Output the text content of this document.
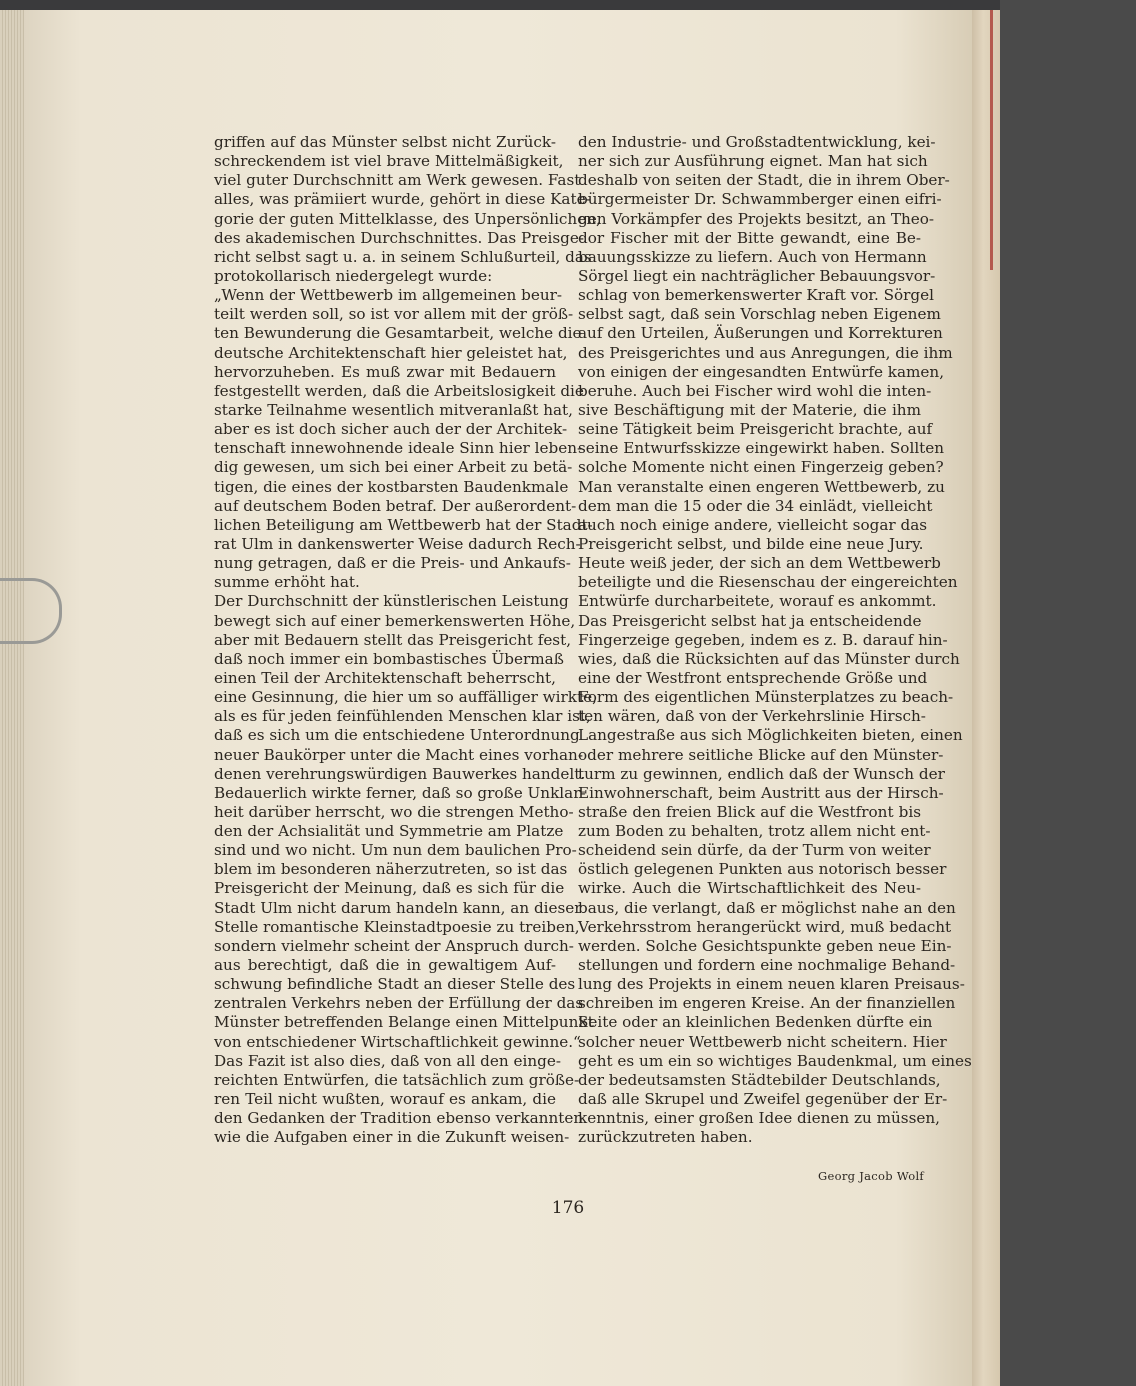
griffen auf das Münster selbst nicht Zurück-
schreckendem ist viel brave Mittelmäßigkeit,
viel guter Durchschnitt am Werk gewesen. Fast
alles, was prämiiert wurde, gehört in diese Kate-
gorie der guten Mittelklasse, des Unpersönlichen,
des akademischen Durchschnittes. Das Preisge-
richt selbst sagt u. a. in seinem Schlußurteil, das
protokollarisch niedergelegt wurde:
„Wenn der Wettbewerb im allgemeinen beur-
teilt werden soll, so ist vor allem mit der größ-
ten Bewunderung die Gesamtarbeit, welche die
deutsche Architektenschaft hier geleistet hat,
hervorzuheben. Es muß zwar mit Bedauern
festgestellt werden, daß die Arbeitslosigkeit die
starke Teilnahme wesentlich mitveranlaßt hat,
aber es ist doch sicher auch der der Architek-
tenschaft innewohnende ideale Sinn hier leben-
dig gewesen, um sich bei einer Arbeit zu betä-
tigen, die eines der kostbarsten Baudenkmale
auf deutschem Boden betraf. Der außerordent-
lichen Beteiligung am Wettbewerb hat der Stadt-
rat Ulm in dankenswerter Weise dadurch Rech-
nung getragen, daß er die Preis- und Ankaufs-
summe erhöht hat.
Der Durchschnitt der künstlerischen Leistung
bewegt sich auf einer bemerkenswerten Höhe,
aber mit Bedauern stellt das Preisgericht fest,
daß noch immer ein bombastisches Übermaß
einen Teil der Architektenschaft beherrscht,
eine Gesinnung, die hier um so auffälliger wirkte,
als es für jeden feinfühlenden Menschen klar ist,
daß es sich um die entschiedene Unterordnung
neuer Baukörper unter die Macht eines vorhan-
denen verehrungswürdigen Bauwerkes handelt.
Bedauerlich wirkte ferner, daß so große Unklar-
heit darüber herrscht, wo die strengen Metho-
den der Achsialität und Symmetrie am Platze
sind und wo nicht. Um nun dem baulichen Pro-
blem im besonderen näherzutreten, so ist das
Preisgericht der Meinung, daß es sich für die
Stadt Ulm nicht darum handeln kann, an dieser
Stelle romantische Kleinstadtpoesie zu treiben,
sondern vielmehr scheint der Anspruch durch-
aus berechtigt, daß die in gewaltigem Auf-
schwung befindliche Stadt an dieser Stelle des
zentralen Verkehrs neben der Erfüllung der das
Münster betreffenden Belange einen Mittelpunkt
von entschiedener Wirtschaftlichkeit gewinne.“
Das Fazit ist also dies, daß von all den einge-
reichten Entwürfen, die tatsächlich zum größe-
ren Teil nicht wußten, worauf es ankam, die
den Gedanken der Tradition ebenso verkannten
wie die Aufgaben einer in die Zukunft weisen-
den Industrie- und Großstadtentwicklung, kei-
ner sich zur Ausführung eignet. Man hat sich
deshalb von seiten der Stadt, die in ihrem Ober-
bürgermeister Dr. Schwammberger einen eifri-
gen Vorkämpfer des Projekts besitzt, an Theo-
dor Fischer mit der Bitte gewandt, eine Be-
bauungsskizze zu liefern. Auch von Hermann
Sörgel liegt ein nachträglicher Bebauungsvor-
schlag von bemerkenswerter Kraft vor. Sörgel
selbst sagt, daß sein Vorschlag neben Eigenem
auf den Urteilen, Äußerungen und Korrekturen
des Preisgerichtes und aus Anregungen, die ihm
von einigen der eingesandten Entwürfe kamen,
beruhe. Auch bei Fischer wird wohl die inten-
sive Beschäftigung mit der Materie, die ihm
seine Tätigkeit beim Preisgericht brachte, auf
seine Entwurfsskizze eingewirkt haben. Sollten
solche Momente nicht einen Fingerzeig geben?
Man veranstalte einen engeren Wettbewerb, zu
dem man die 15 oder die 34 einlädt, vielleicht
auch noch einige andere, vielleicht sogar das
Preisgericht selbst, und bilde eine neue Jury.
Heute weiß jeder, der sich an dem Wettbewerb
beteiligte und die Riesenschau der eingereichten
Entwürfe durcharbeitete, worauf es ankommt.
Das Preisgericht selbst hat ja entscheidende
Fingerzeige gegeben, indem es z. B. darauf hin-
wies, daß die Rücksichten auf das Münster durch
eine der Westfront entsprechende Größe und
Form des eigentlichen Münsterplatzes zu beach-
ten wären, daß von der Verkehrslinie Hirsch-
Langestraße aus sich Möglichkeiten bieten, einen
oder mehrere seitliche Blicke auf den Münster-
turm zu gewinnen, endlich daß der Wunsch der
Einwohnerschaft, beim Austritt aus der Hirsch-
straße den freien Blick auf die Westfront bis
zum Boden zu behalten, trotz allem nicht ent-
scheidend sein dürfe, da der Turm von weiter
östlich gelegenen Punkten aus notorisch besser
wirke. Auch die Wirtschaftlichkeit des Neu-
baus, die verlangt, daß er möglichst nahe an den
Verkehrsstrom herangerückt wird, muß bedacht
werden. Solche Gesichtspunkte geben neue Ein-
stellungen und fordern eine nochmalige Behand-
lung des Projekts in einem neuen klaren Preisaus-
schreiben im engeren Kreise. An der finanziellen
Seite oder an kleinlichen Bedenken dürfte ein
solcher neuer Wettbewerb nicht scheitern. Hier
geht es um ein so wichtiges Baudenkmal, um eines
der bedeutsamsten Städtebilder Deutschlands,
daß alle Skrupel und Zweifel gegenüber der Er-
kenntnis, einer großen Idee dienen zu müssen,
zurückzutreten haben.
Georg Jacob Wolf
176
